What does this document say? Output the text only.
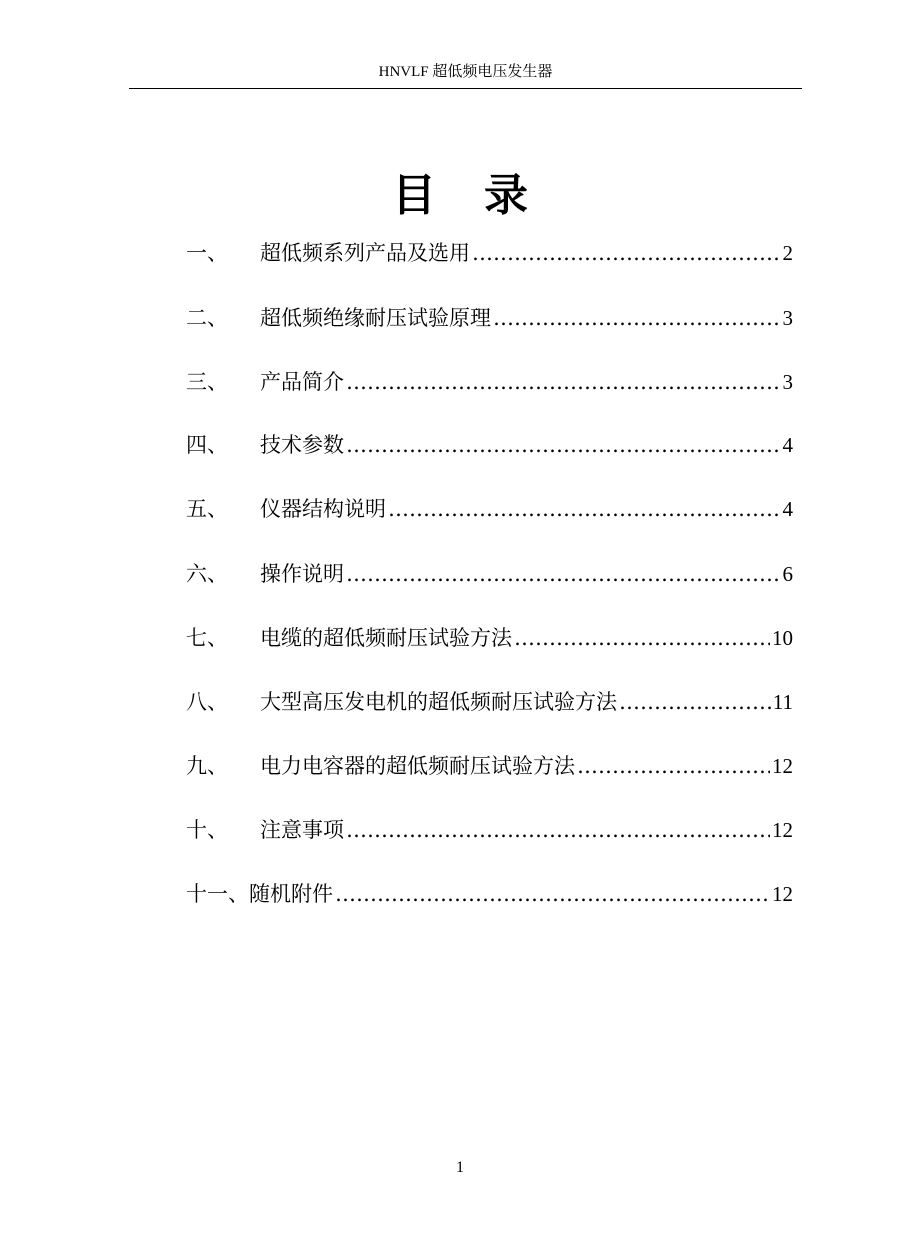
HNVLF 超低频电压发生器
目 录
一、	超低频系列产品及选用 ……………………………………………………………………………………………………………………	2
二、	超低频绝缘耐压试验原理 ……………………………………………………………………………………………………………………	3
三、	产品简介 ……………………………………………………………………………………………………………………	3
四、	技术参数 ……………………………………………………………………………………………………………………	4
五、	仪器结构说明 ……………………………………………………………………………………………………………………	4
六、	操作说明 ……………………………………………………………………………………………………………………	6
七、	电缆的超低频耐压试验方法 ……………………………………………………………………………………………………………………	10
八、	大型高压发电机的超低频耐压试验方法 ……………………………………………………………………………………………………………………	11
九、	电力电容器的超低频耐压试验方法 ……………………………………………………………………………………………………………………	12
十、	注意事项 ……………………………………………………………………………………………………………………	12
十一、 随机附件 ……………………………………………………………………………………………………………………	12
1
